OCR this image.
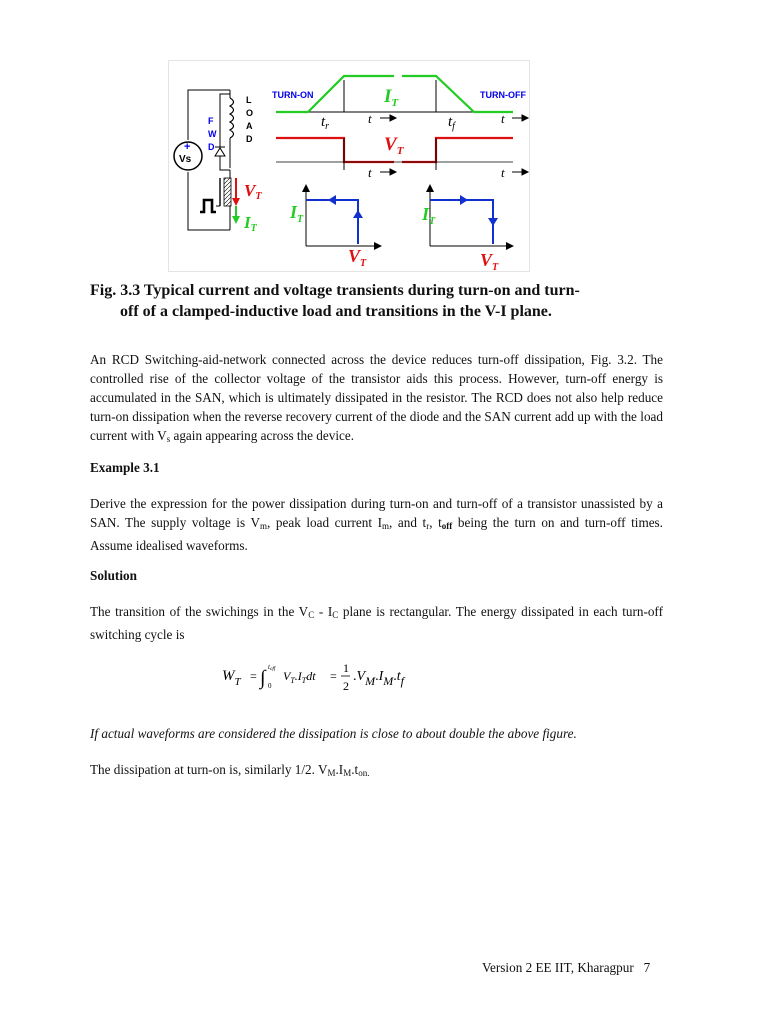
L
O
A
D
F
W
D
+
Vs
VT
IT
TURN-ON	TURN-OFF
$I_T$
$V_T$
$t_r$	$t_f$
t	t
t	t
$I_T$
$V_T$
$I_T$
$V_T$
Fig. 3.3 Typical current and voltage transients during turn-on and turn-
off of a clamped-inductive load and transitions in the V-I plane.
An RCD Switching-aid-network connected across the device reduces turn-off dissipation, Fig. 3.2. The controlled rise of the collector voltage of the transistor aids this process. However, turn-off energy is accumulated in the SAN, which is ultimately dissipated in the resistor. The RCD does not also help reduce turn-on dissipation when the reverse recovery current of the diode and the SAN current add up with the load current with $V_s$ again appearing across the device.
Example 3.1
Derive the expression for the power dissipation during turn-on and turn-off of a transistor unassisted by a SAN. The supply voltage is $V_m$, peak load current $I_m$, and $t_r$, $t_{off}$ being the turn on and turn-off times. Assume idealised waveforms.
Solution
The transition of the swichings in the $V_C - I_C$ plane is rectangular. The energy dissipated in each turn-off switching cycle is
$W_T$ = ∫ 0
toff $V_T.I_Tdt$ =
1
2
.VM.IM.tf
If actual waveforms are considered the dissipation is close to about double the above figure.
The dissipation at turn-on is, similarly 1/2. $V_M.I_M.t_{on.}$
Version 2 EE IIT, Kharagpur 7
